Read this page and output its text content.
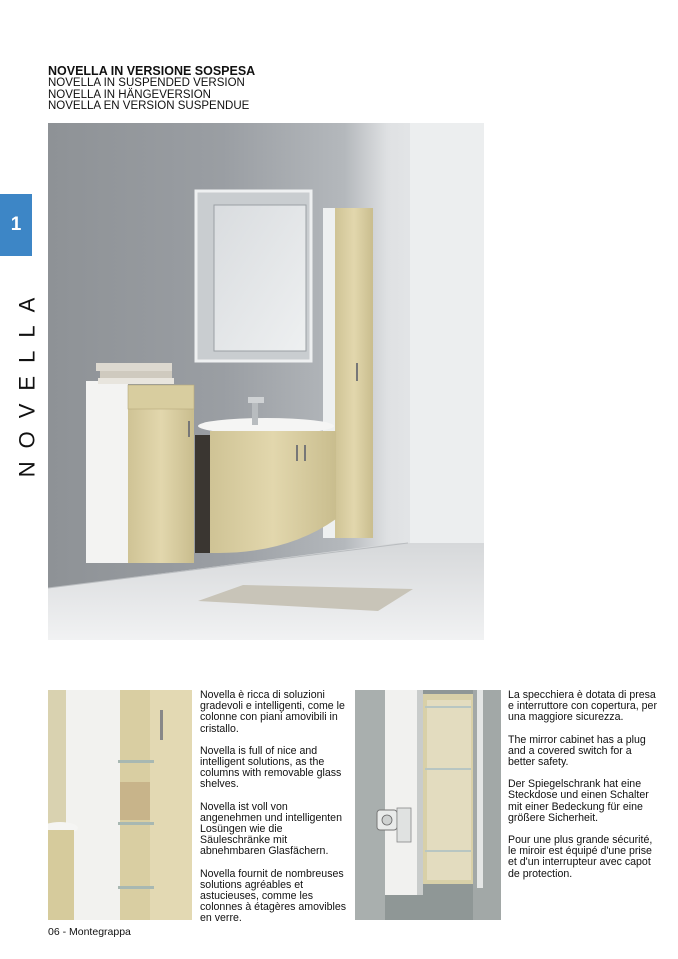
1
NOVELLA
NOVELLA IN VERSIONE SOSPESA

NOVELLA IN SUSPENDED VERSION

NOVELLA IN HÄNGEVERSION

NOVELLA EN VERSION SUSPENDUE

Novella è ricca di soluzioni gradevoli e intelligenti, come le colonne con piani amovibili in cristallo.

Novella is full of nice and intelligent solutions, as the columns with removable glass shelves.

Novella ist voll von angenehmen und intelligenten Losüngen wie die Säuleschränke mit abnehmbaren Glasfächern.

Novella fournit de nombreuses solutions agréables et astucieuses, comme les colonnes à étagères amovibles en verre.

La specchiera è dotata di presa e interruttore con copertura, per una maggiore sicurezza.

The mirror cabinet has a plug and a covered switch for a better safety.

Der Spiegelschrank hat eine Steckdose und einen Schalter mit einer Bedeckung für eine größere Sicherheit.

Pour une plus grande sécurité, le miroir est équipé d'une prise et d'un interrupteur avec capot de protection.

06 - Montegrappa
